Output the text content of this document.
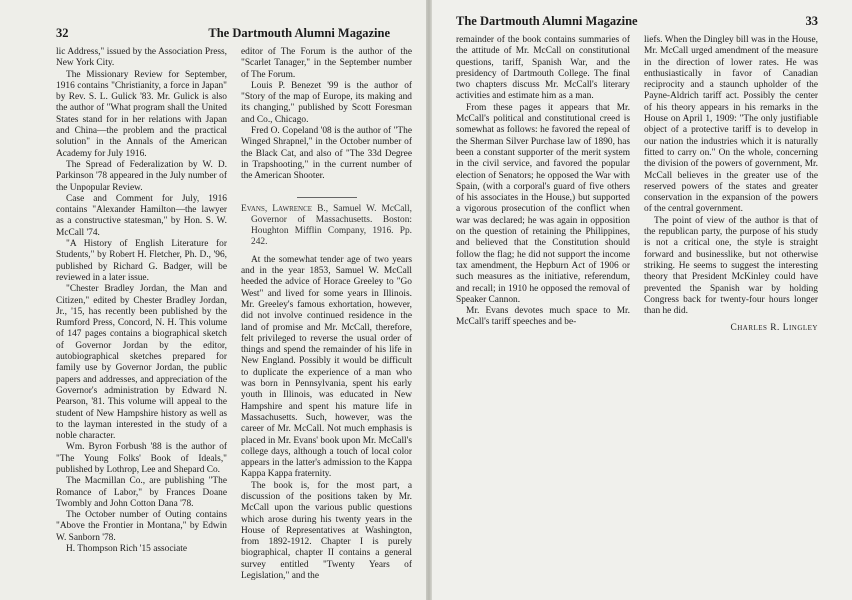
32	The Dartmouth Alumni Magazine

lic Address," issued by the Association Press, New York City.

The Missionary Review for September, 1916 contains "Christianity, a force in Japan" by Rev. S. L. Gulick '83. Mr. Gulick is also the author of "What program shall the United States stand for in her relations with Japan and China—the problem and the practical solution" in the Annals of the American Academy for July 1916.

The Spread of Federalization by W. D. Parkinson '78 appeared in the July number of the Unpopular Review.

Case and Comment for July, 1916 contains "Alexander Hamilton—the lawyer as a constructive statesman," by Hon. S. W. McCall '74.

"A History of English Literature for Students," by Robert H. Fletcher, Ph. D., '96, published by Richard G. Badger, will be reviewed in a later issue.

"Chester Bradley Jordan, the Man and Citizen," edited by Chester Bradley Jordan, Jr., '15, has recently been published by the Rumford Press, Concord, N. H. This volume of 147 pages contains a biographical sketch of Governor Jordan by the editor, autobiographical sketches prepared for family use by Governor Jordan, the public papers and addresses, and appreciation of the Governor's administration by Edward N. Pearson, '81. This volume will appeal to the student of New Hampshire history as well as to the layman interested in the study of a noble character.

Wm. Byron Forbush '88 is the author of "The Young Folks' Book of Ideals," published by Lothrop, Lee and Shepard Co.

The Macmillan Co., are publishing "The Romance of Labor," by Frances Doane Twombly and John Cotton Dana '78.

The October number of Outing contains "Above the Frontier in Montana," by Edwin W. Sanborn '78.

H. Thompson Rich '15 associate

editor of The Forum is the author of the "Scarlet Tanager," in the September number of The Forum.

Louis P. Benezet '99 is the author of "Story of the map of Europe, its making and its changing," published by Scott Foresman and Co., Chicago.

Fred O. Copeland '08 is the author of "The Winged Shrapnel," in the October number of the Black Cat, and also of "The 33d Degree in Trapshooting," in the current number of the American Shooter.

Evans, Lawrence B., Samuel W. McCall, Governor of Massachusetts. Boston: Houghton Mifflin Company, 1916. Pp. 242.

At the somewhat tender age of two years and in the year 1853, Samuel W. McCall heeded the advice of Horace Greeley to "Go West" and lived for some years in Illinois. Mr. Greeley's famous exhortation, however, did not involve continued residence in the land of promise and Mr. McCall, therefore, felt privileged to reverse the usual order of things and spend the remainder of his life in New England. Possibly it would be difficult to duplicate the experience of a man who was born in Pennsylvania, spent his early youth in Illinois, was educated in New Hampshire and spent his mature life in Massachusetts. Such, however, was the career of Mr. McCall. Not much emphasis is placed in Mr. Evans' book upon Mr. McCall's college days, although a touch of local color appears in the latter's admission to the Kappa Kappa Kappa fraternity.

The book is, for the most part, a discussion of the positions taken by Mr. McCall upon the various public questions which arose during his twenty years in the House of Representatives at Washington, from 1892-1912. Chapter I is purely biographical, chapter II contains a general survey entitled "Twenty Years of Legislation," and the

The Dartmouth Alumni Magazine	33

remainder of the book contains summaries of the attitude of Mr. McCall on constitutional questions, tariff, Spanish War, and the presidency of Dartmouth College. The final two chapters discuss Mr. McCall's literary activities and estimate him as a man.

From these pages it appears that Mr. McCall's political and constitutional creed is somewhat as follows: he favored the repeal of the Sherman Silver Purchase law of 1890, has been a constant supporter of the merit system in the civil service, and favored the popular election of Senators; he opposed the War with Spain, (with a corporal's guard of five others of his associates in the House,) but supported a vigorous prosecution of the conflict when war was declared; he was again in opposition on the question of retaining the Philippines, and believed that the Constitution should follow the flag; he did not support the income tax amendment, the Hepburn Act of 1906 or such measures as the initiative, referendum, and recall; in 1910 he opposed the removal of Speaker Cannon.

Mr. Evans devotes much space to Mr. McCall's tariff speeches and be-

liefs. When the Dingley bill was in the House, Mr. McCall urged amendment of the measure in the direction of lower rates. He was enthusiastically in favor of Canadian reciprocity and a staunch upholder of the Payne-Aldrich tariff act. Possibly the center of his theory appears in his remarks in the House on April 1, 1909: "The only justifiable object of a protective tariff is to develop in our nation the industries which it is naturally fitted to carry on." On the whole, concerning the division of the powers of government, Mr. McCall believes in the greater use of the reserved powers of the states and greater conservation in the expansion of the powers of the central government.

The point of view of the author is that of the republican party, the purpose of his study is not a critical one, the style is straight forward and businesslike, but not otherwise striking. He seems to suggest the interesting theory that President McKinley could have prevented the Spanish war by holding Congress back for twenty-four hours longer than he did.

Charles R. Lingley
